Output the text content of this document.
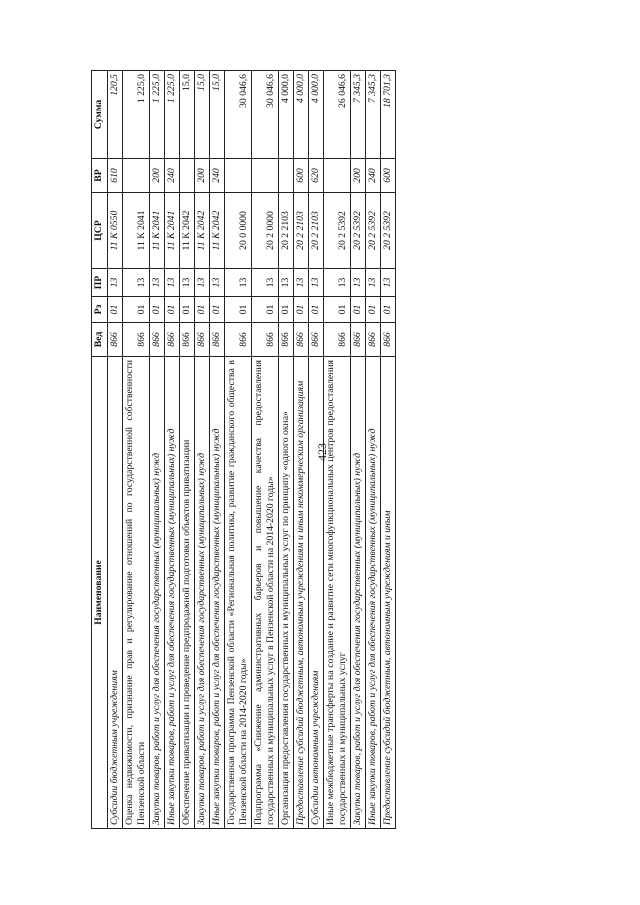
423
Наименование	Вед	Рз	ПР	ЦСР	ВР	Сумма
Субсидии бюджетным учреждениям	866	01	13	11 К 0550	610	120,5
Оценка недвижимости, признание прав и регулирование отношений по государственной собственности Пензенской области	866	01	13	11 К 2041		1 225,0
Закупка товаров, работ и услуг для обеспечения государственных (муниципальных) нужд	866	01	13	11 К 2041	200	1 225,0
Иные закупки товаров, работ и услуг для обеспечения государственных (муниципальных) нужд	866	01	13	11 К 2041	240	1 225,0
Обеспечение приватизации и проведение предпродажной подготовки объектов приватизации	866	01	13	11 К 2042		15,0
Закупка товаров, работ и услуг для обеспечения государственных (муниципальных) нужд	866	01	13	11 К 2042	200	15,0
Иные закупки товаров, работ и услуг для обеспечения государственных (муниципальных) нужд	866	01	13	11 К 2042	240	15,0
Государственная программа Пензенской области «Региональная политика, развитие гражданского общества в Пензенской области на 2014-2020 годы»	866	01	13	20 0 0000		30 046,6
Подпрограмма «Снижение административных барьеров и повышение качества предоставления государственных и муниципальных услуг в Пензенской области на 2014-2020 годы»	866	01	13	20 2 0000		30 046,6
Организация предоставления государственных и муниципальных услуг по принципу «одного окна»	866	01	13	20 2 2103		4 000,0
Предоставление субсидий бюджетным, автономным учреждениям и иным некоммерческим организациям	866	01	13	20 2 2103	600	4 000,0
Субсидии автономным учреждениям	866	01	13	20 2 2103	620	4 000,0
Иные межбюджетные трансферты на создание и развитие сети многофункциональных центров предоставления государственных и муниципальных услуг	866	01	13	20 2 5392		26 046,6
Закупка товаров, работ и услуг для обеспечения государственных (муниципальных) нужд	866	01	13	20 2 5392	200	7 345,3
Иные закупки товаров, работ и услуг для обеспечения государственных (муниципальных) нужд	866	01	13	20 2 5392	240	7 345,3
Предоставление субсидий бюджетным, автономным учреждениям и иным	866	01	13	20 2 5392	600	18 701,3
